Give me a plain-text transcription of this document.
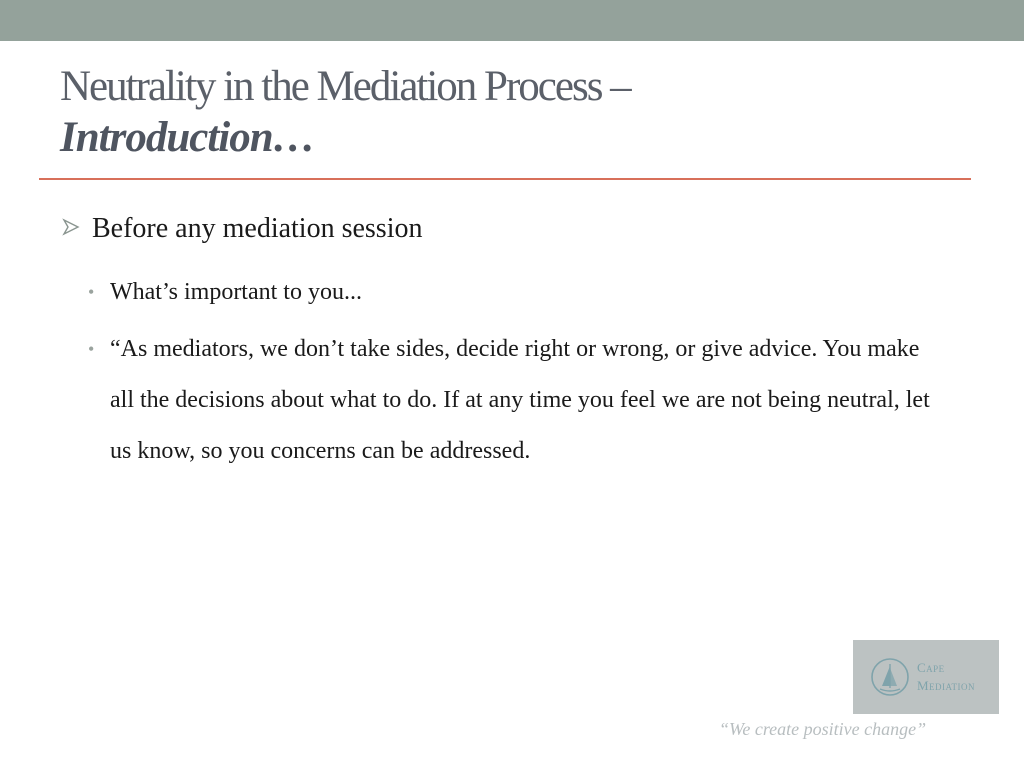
Neutrality in the Mediation Process –
Introduction…
Before any mediation session
• What’s important to you...
• “As mediators, we don’t take sides, decide right or wrong, or give advice. You make all the decisions about what to do. If at any time you feel we are not being neutral, let us know, so you concerns can be addressed.
Cape
Mediation
“We create positive change”
